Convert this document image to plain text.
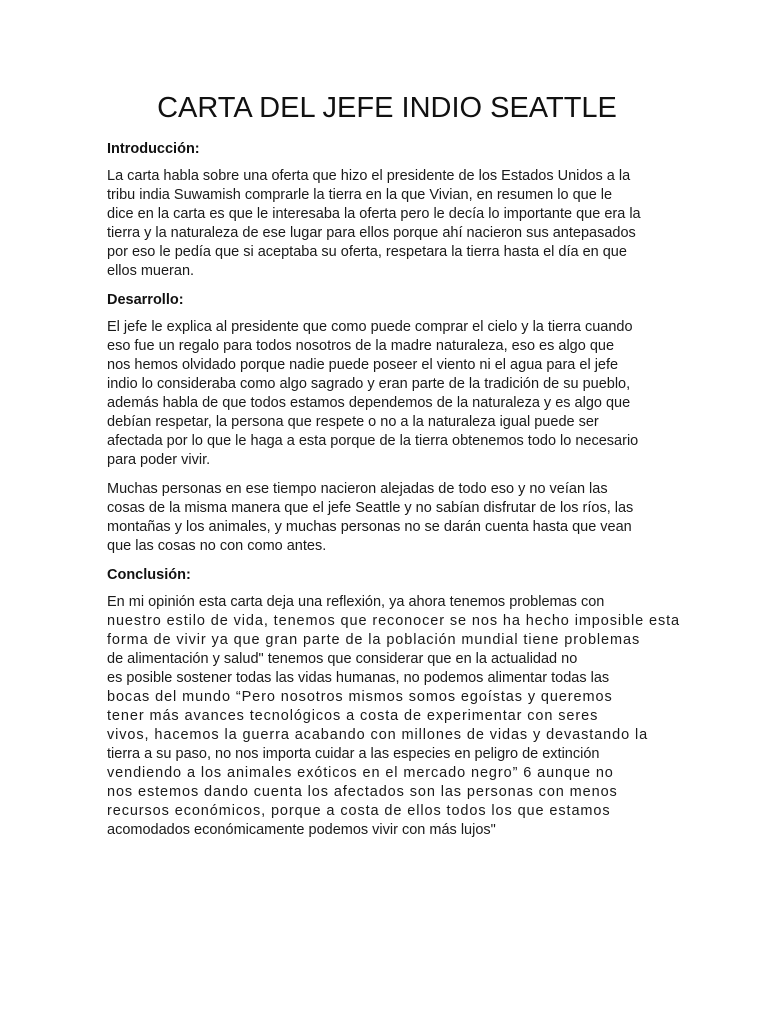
CARTA DEL JEFE INDIO SEATTLE
Introducción:

La carta habla sobre una oferta que hizo el presidente de los Estados Unidos a la
tribu india Suwamish comprarle la tierra en la que Vivian, en resumen lo que le
dice en la carta es que le interesaba la oferta pero le decía lo importante que era la
tierra y la naturaleza de ese lugar para ellos porque ahí nacieron sus antepasados
por eso le pedía que si aceptaba su oferta, respetara la tierra hasta el día en que
ellos mueran.

Desarrollo:

El jefe le explica al presidente que como puede comprar el cielo y la tierra cuando
eso fue un regalo para todos nosotros de la madre naturaleza, eso es algo que
nos hemos olvidado porque nadie puede poseer el viento ni el agua para el jefe
indio lo consideraba como algo sagrado y eran parte de la tradición de su pueblo,
además habla de que todos estamos dependemos de la naturaleza y es algo que
debían respetar, la persona que respete o no a la naturaleza igual puede ser
afectada por lo que le haga a esta porque de la tierra obtenemos todo lo necesario
para poder vivir.

Muchas personas en ese tiempo nacieron alejadas de todo eso y no veían las
cosas de la misma manera que el jefe Seattle y no sabían disfrutar de los ríos, las
montañas y los animales, y muchas personas no se darán cuenta hasta que vean
que las cosas no con como antes.

Conclusión:

En mi opinión esta carta deja una reflexión, ya ahora tenemos problemas con
nuestro estilo de vida, tenemos que reconocer se nos ha hecho imposible esta
forma de vivir ya que gran parte de la población mundial tiene problemas
de alimentación y salud" tenemos que considerar que en la actualidad no
es posible sostener todas las vidas humanas, no podemos alimentar todas las
bocas del mundo “Pero nosotros mismos somos egoístas y queremos
tener más avances tecnológicos a costa de experimentar con seres
vivos, hacemos la guerra acabando con millones de vidas y devastando la
tierra a su paso, no nos importa cuidar a las especies en peligro de extinción
vendiendo a los animales exóticos en el mercado negro” 6 aunque no
nos estemos dando cuenta los afectados son las personas con menos
recursos económicos, porque a costa de ellos todos los que estamos
acomodados económicamente podemos vivir con más lujos"
